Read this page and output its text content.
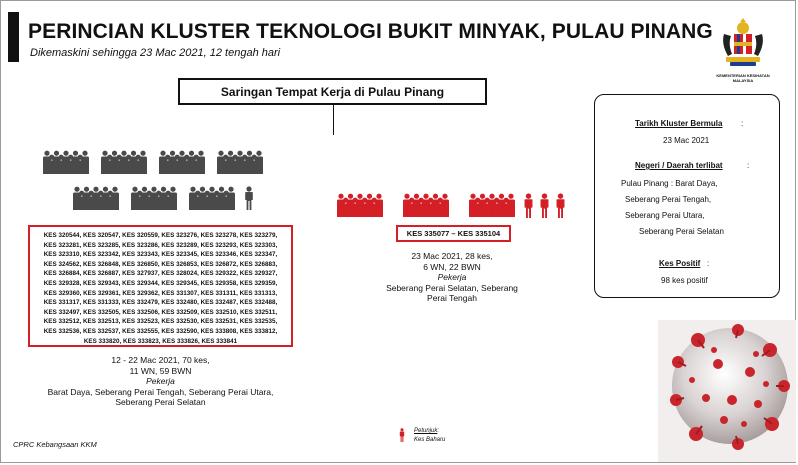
PERINCIAN KLUSTER TEKNOLOGI BUKIT MINYAK, PULAU PINANG
Dikemaskini sehingga 23 Mac 2021, 12 tengah hari
KEMENTERIAN KESIHATAN
MALAYSIA
Saringan Tempat Kerja di Pulau Pinang
KES 320544, KES 320547, KES 320559, KES 323276, KES 323278, KES 323279,
KES 323281, KES 323285, KES 323286, KES 323289, KES 323293, KES 323303,
KES 323310, KES 323342, KES 323343, KES 323345, KES 323346, KES 323347,
KES 324562, KES 326848, KES 326850, KES 326853, KES 326872, KES 326883,
KES 326884, KES 326887, KES 327937, KES 328024, KES 329322, KES 329327,
KES 329328, KES 329343, KES 329344, KES 329345, KES 329358, KES 329359,
KES 329360, KES 329361, KES 329362, KES 331307, KES 331311, KES 331313,
KES 331317, KES 331333, KES 332479, KES 332480, KES 332487, KES 332488,
KES 332497, KES 332505, KES 332506, KES 332509, KES 332510, KES 332511,
KES 332512, KES 332513, KES 332523, KES 332530, KES 332531, KES 332535,
KES 332536, KES 332537, KES 332555, KES 332590, KES 333808, KES 333812,
KES 333820, KES 333823, KES 333826, KES 333841
12 - 22 Mac 2021, 70 kes,
11 WN, 59 BWN
Pekerja
Barat Daya, Seberang Perai Tengah, Seberang Perai Utara,
Seberang Perai Selatan
KES 335077 – KES 335104
23 Mac 2021, 28 kes,
6 WN, 22 BWN
Pekerja
Seberang Perai Selatan, Seberang
Perai Tengah
Tarikh Kluster Bermula :
23 Mac 2021
Negeri / Daerah terlibat	:
Pulau Pinang : Barat Daya,
Seberang Perai Tengah,
Seberang Perai Utara,
Seberang Perai Selatan
Kes Positif :
98 kes positif
CPRC Kebangsaan KKM
Petunjuk:
Kes Baharu
